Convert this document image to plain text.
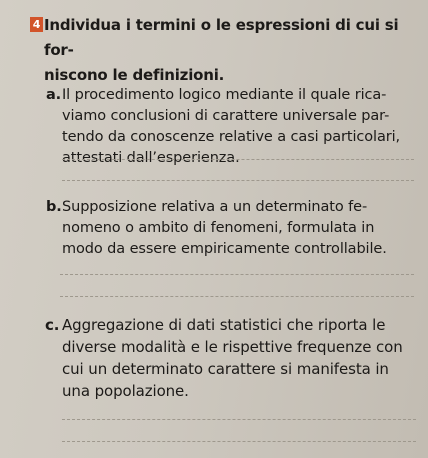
4 Individua i termini o le espressioni di cui si for-
niscono le definizioni.
a. Il procedimento logico mediante il quale rica-
viamo conclusioni di carattere universale par-
tendo da conoscenze relative a casi particolari,
attestati dall’esperienza.
b. Supposizione relativa a un determinato fe-
nomeno o ambito di fenomeni, formulata in
modo da essere empiricamente controllabile.
c. Aggregazione di dati statistici che riporta le
diverse modalità e le rispettive frequenze con
cui un determinato carattere si manifesta in
una popolazione.
